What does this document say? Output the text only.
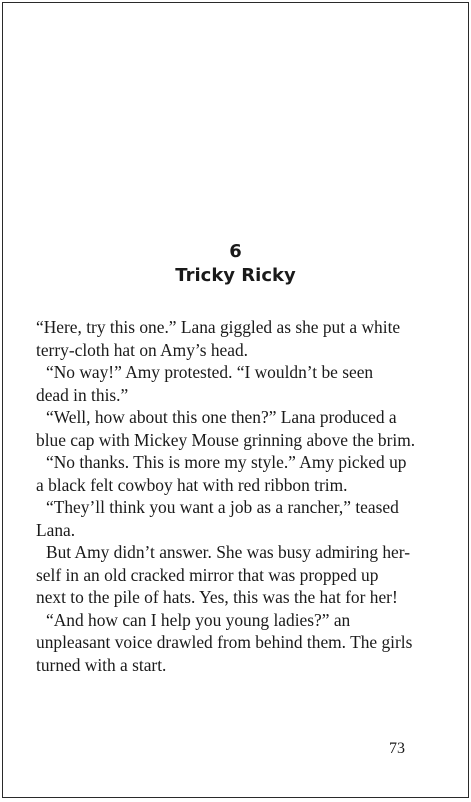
6
Tricky Ricky
“Here, try this one.” Lana giggled as she put a white
terry-cloth hat on Amy’s head.
“No way!” Amy protested. “I wouldn’t be seen
dead in this.”
“Well, how about this one then?” Lana produced a
blue cap with Mickey Mouse grinning above the brim.
“No thanks. This is more my style.” Amy picked up
a black felt cowboy hat with red ribbon trim.
“They’ll think you want a job as a rancher,” teased
Lana.
But Amy didn’t answer. She was busy admiring her-
self in an old cracked mirror that was propped up
next to the pile of hats. Yes, this was the hat for her!
“And how can I help you young ladies?” an
unpleasant voice drawled from behind them. The girls
turned with a start.
73
